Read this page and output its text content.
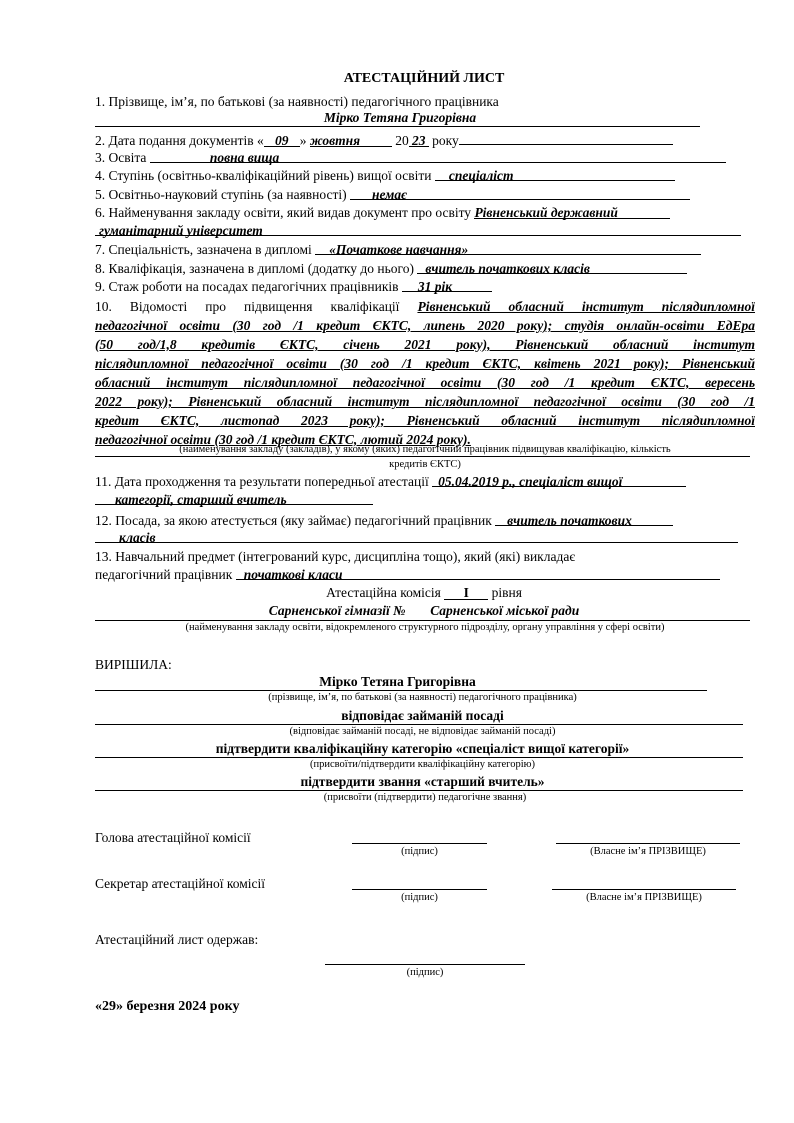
АТЕСТАЦІЙНИЙ ЛИСТ
1. Прізвище, ім’я, по батькові (за наявності) педагогічного працівника
Мірко Тетяна Григорівна
2. Дата подання документів « 09 » жовтня	20 23 року
3. Освіта	повна вища
4. Ступінь (освітньо-кваліфікаційний рівень) вищої освіти спеціаліст
5. Освітньо-науковий ступінь (за наявності) немає
6. Найменування закладу освіти, який видав документ про освіту Рівненський державний
гуманітарний університет
7. Спеціальність, зазначена в дипломі «Початкове навчання»
8. Кваліфікація, зазначена в дипломі (додатку до нього) вчитель початкових класів
9. Стаж роботи на посадах педагогічних працівників 31 рік
10. Відомості про підвищення кваліфікації Рівненський обласний інститут післядипломної
педагогічної освіти (30 год /1 кредит ЄКТС, липень 2020 року); студія онлайн-освіти ЕдЕра
(50 год/1,8 кредитів ЄКТС, січень 2021 року), Рівненський обласний інститут
післядипломної педагогічної освіти (30 год /1 кредит ЄКТС, квітень 2021 року); Рівненський
обласний інститут післядипломної педагогічної освіти (30 год /1 кредит ЄКТС, вересень
2022 року); Рівненський обласний інститут післядипломної педагогічної освіти (30 год /1
кредит ЄКТС, листопад 2023 року); Рівненський обласний інститут післядипломної
педагогічної освіти (30 год /1 кредит ЄКТС, лютий 2024 року).
(найменування закладу (закладів), у якому (яких) педагогічний працівник підвищував кваліфікацію, кількість
кредитів ЄКТС)
11. Дата проходження та результати попередньої атестації 05.04.2019 р., спеціаліст вищої
категорії, старший вчитель
12. Посада, за якою атестується (яку займає) педагогічний працівник вчитель початкових
класів
13. Навчальний предмет (інтегрований курс, дисципліна тощо), який (які) викладає
педагогічний працівник початкові класи
Атестаційна комісія I рівня
Сарненської гімназії № Сарненської міської ради
(найменування закладу освіти, відокремленого структурного підрозділу, органу управління у сфері освіти)
ВИРІШИЛА:
Мірко Тетяна Григорівна
(прізвище, ім’я, по батькові (за наявності) педагогічного працівника)
відповідає займаній посаді
(відповідає займаній посаді, не відповідає займаній посаді)
підтвердити кваліфікаційну категорію «спеціаліст вищої категорії»
(присвоїти/підтвердити кваліфікаційну категорію)
підтвердити звання «старший вчитель»
(присвоїти (підтвердити) педагогічне звання)
Голова атестаційної комісії
(підпис)	(Власне ім’я ПРІЗВИЩЕ)
Секретар атестаційної комісії
(підпис)	(Власне ім’я ПРІЗВИЩЕ)
Атестаційний лист одержав:
(підпис)
«29» березня 2024 року
